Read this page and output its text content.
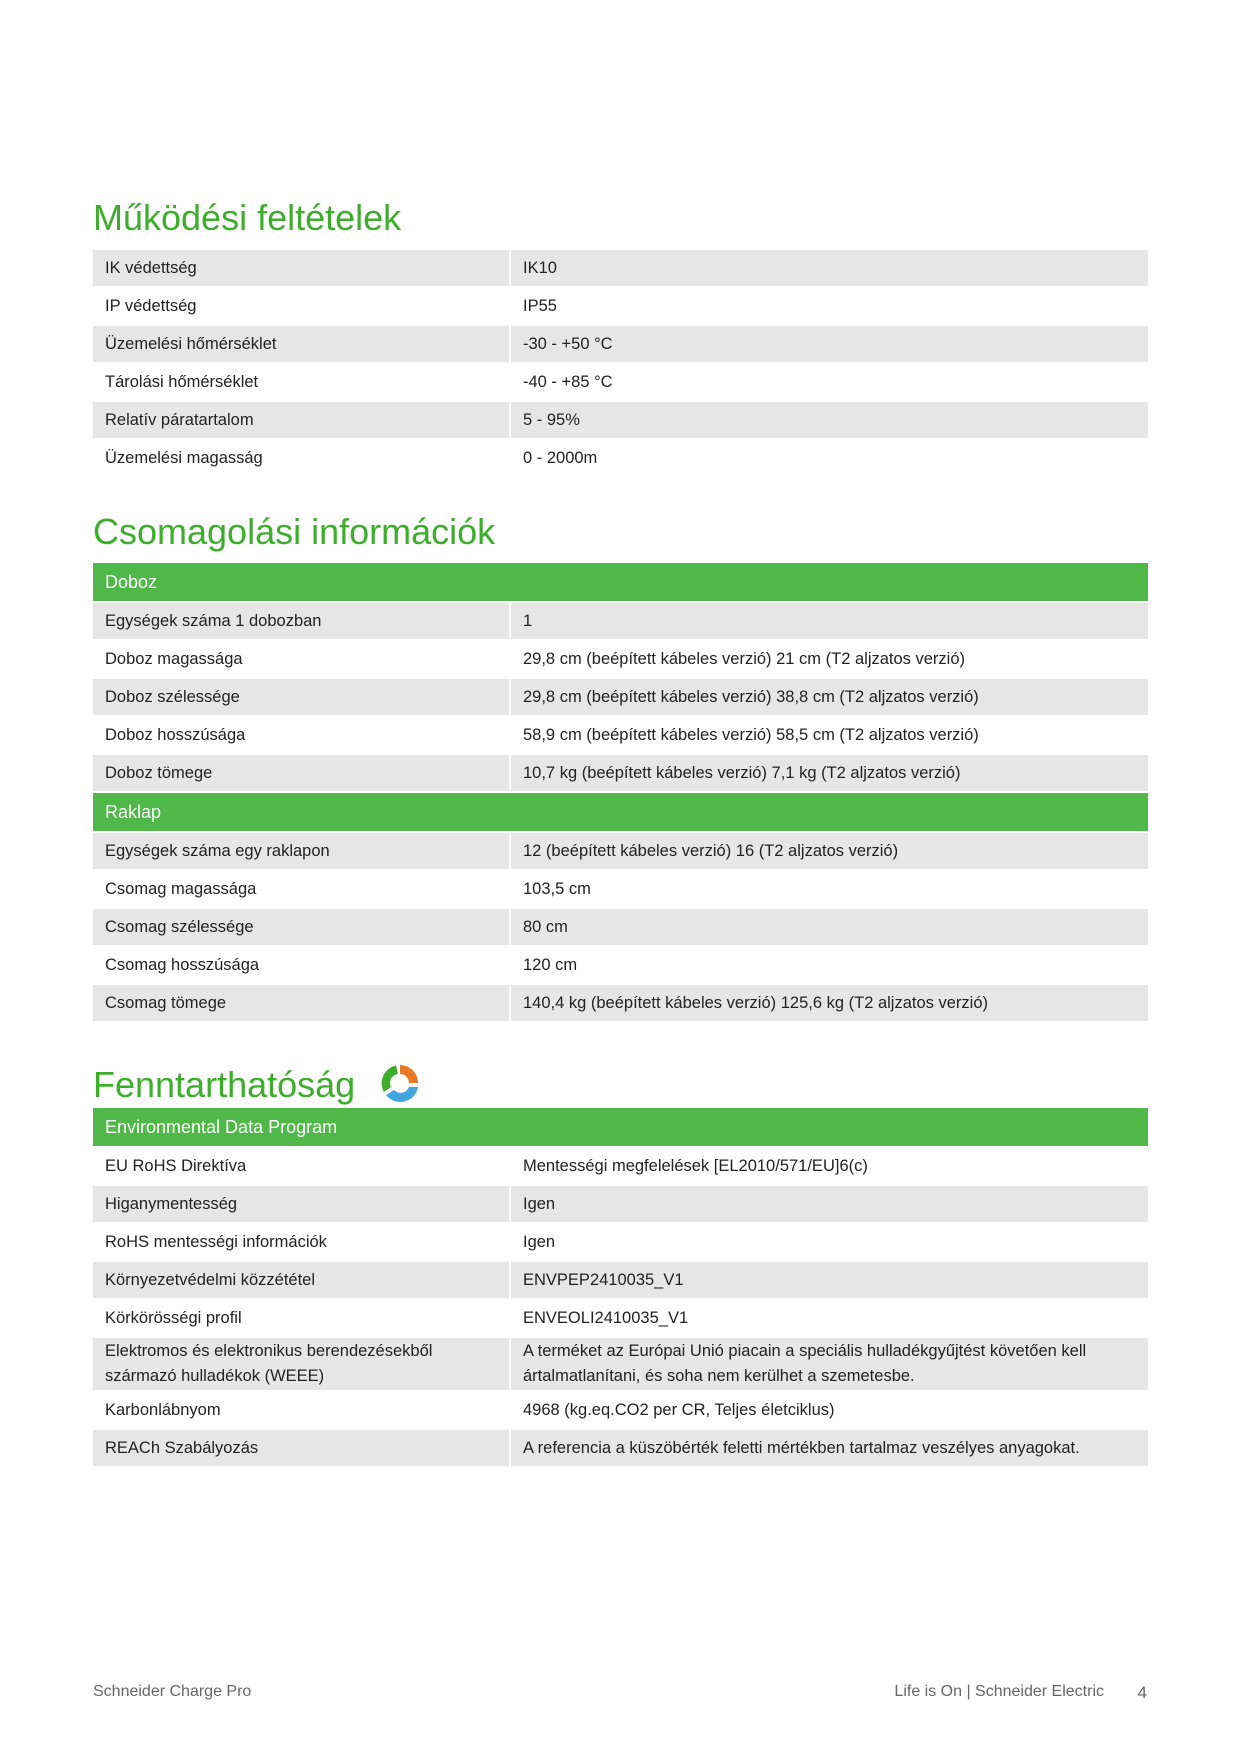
Működési feltételek
IK védettség	IK10
IP védettség	IP55
Üzemelési hőmérséklet	-30 - +50 °C
Tárolási hőmérséklet	-40 - +85 °C
Relatív páratartalom	5 - 95%
Üzemelési magasság	0 - 2000m
Csomagolási információk
Doboz	
Egységek száma 1 dobozban	1
Doboz magassága	29,8 cm (beépített kábeles verzió) 21 cm (T2 aljzatos verzió)
Doboz szélessége	29,8 cm (beépített kábeles verzió) 38,8 cm (T2 aljzatos verzió)
Doboz hosszúsága	58,9 cm (beépített kábeles verzió) 58,5 cm (T2 aljzatos verzió)
Doboz tömege	10,7 kg (beépített kábeles verzió) 7,1 kg (T2 aljzatos verzió)
Raklap	
Egységek száma egy raklapon	12 (beépített kábeles verzió) 16 (T2 aljzatos verzió)
Csomag magassága	103,5 cm
Csomag szélessége	80 cm
Csomag hosszúsága	120 cm
Csomag tömege	140,4 kg (beépített kábeles verzió) 125,6 kg (T2 aljzatos verzió)
Fenntarthatóság
Environmental Data Program	
EU RoHS Direktíva	Mentességi megfelelések [EL2010/571/EU]6(c)
Higanymentesség	Igen
RoHS mentességi információk	Igen
Környezetvédelmi közzététel	ENVPEP2410035_V1
Körkörösségi profil	ENVEOLI2410035_V1
Elektromos és elektronikus berendezésekből származó hulladékok (WEEE)	A terméket az Európai Unió piacain a speciális hulladékgyűjtést követően kell ártalmatlanítani, és soha nem kerülhet a szemetesbe.
Karbonlábnyom	4968 (kg.eq.CO2 per CR, Teljes életciklus)
REACh Szabályozás	A referencia a küszöbérték feletti mértékben tartalmaz veszélyes anyagokat.
Schneider Charge Pro	Life is On | Schneider Electric 4
